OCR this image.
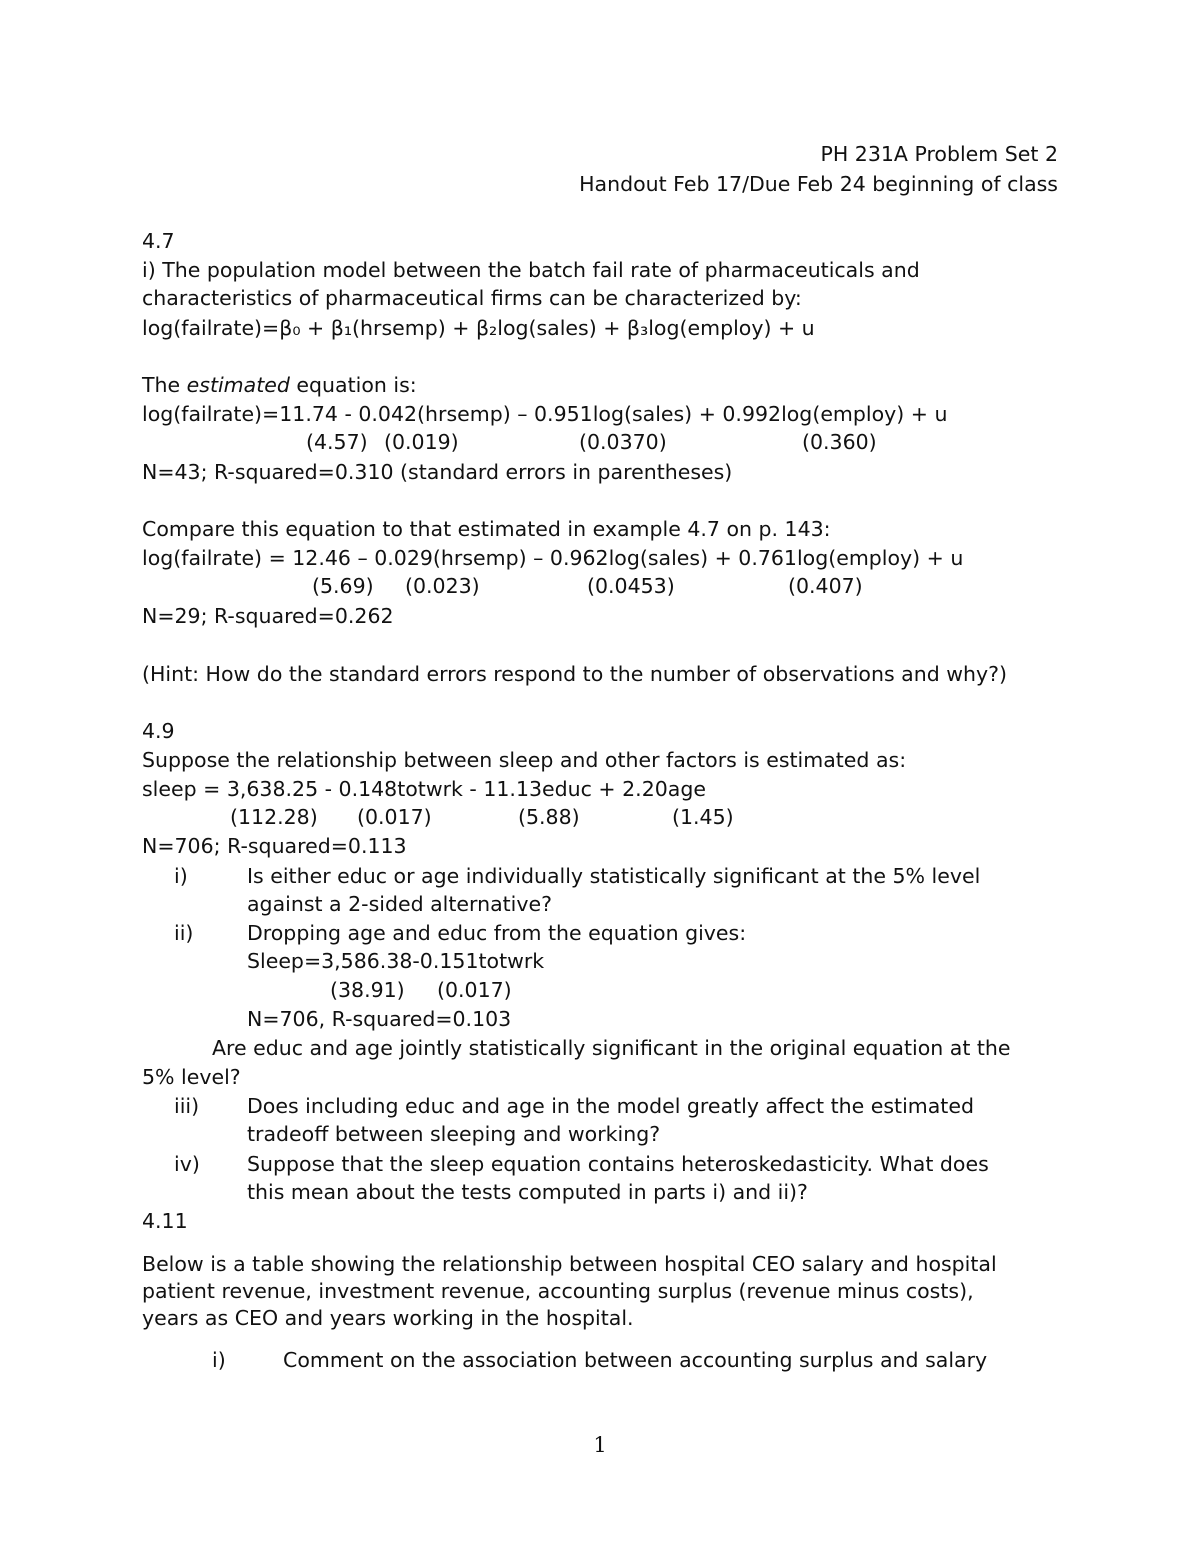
PH 231A Problem Set 2
Handout Feb 17/Due Feb 24 beginning of class
4.7
i) The population model between the batch fail rate of pharmaceuticals and
characteristics of pharmaceutical firms can be characterized by:
log(failrate)=β₀ + β₁(hrsemp) + β₂log(sales) + β₃log(employ) + u
The estimated equation is:
log(failrate)=11.74 - 0.042(hrsemp) – 0.951log(sales) + 0.992log(employ) + u
(4.57) (0.019)	(0.0370)	(0.360)
N=43; R-squared=0.310 (standard errors in parentheses)
Compare this equation to that estimated in example 4.7 on p. 143:
log(failrate) = 12.46 – 0.029(hrsemp) – 0.962log(sales) + 0.761log(employ) + u
(5.69) (0.023)	(0.0453)	(0.407)
N=29; R-squared=0.262
(Hint: How do the standard errors respond to the number of observations and why?)
4.9
Suppose the relationship between sleep and other factors is estimated as:
sleep = 3,638.25 - 0.148totwrk - 11.13educ + 2.20age
(112.28) (0.017)	(5.88)	(1.45)
N=706; R-squared=0.113
i)	Is either educ or age individually statistically significant at the 5% level
against a 2-sided alternative?
ii)	Dropping age and educ from the equation gives:
Sleep=3,586.38-0.151totwrk
(38.91) (0.017)
N=706, R-squared=0.103
Are educ and age jointly statistically significant in the original equation at the
5% level?
iii) Does including educ and age in the model greatly affect the estimated
tradeoff between sleeping and working?
iv) Suppose that the sleep equation contains heteroskedasticity. What does
this mean about the tests computed in parts i) and ii)?
4.11
Below is a table showing the relationship between hospital CEO salary and hospital
patient revenue, investment revenue, accounting surplus (revenue minus costs),
years as CEO and years working in the hospital.
i)	Comment on the association between accounting surplus and salary
1
